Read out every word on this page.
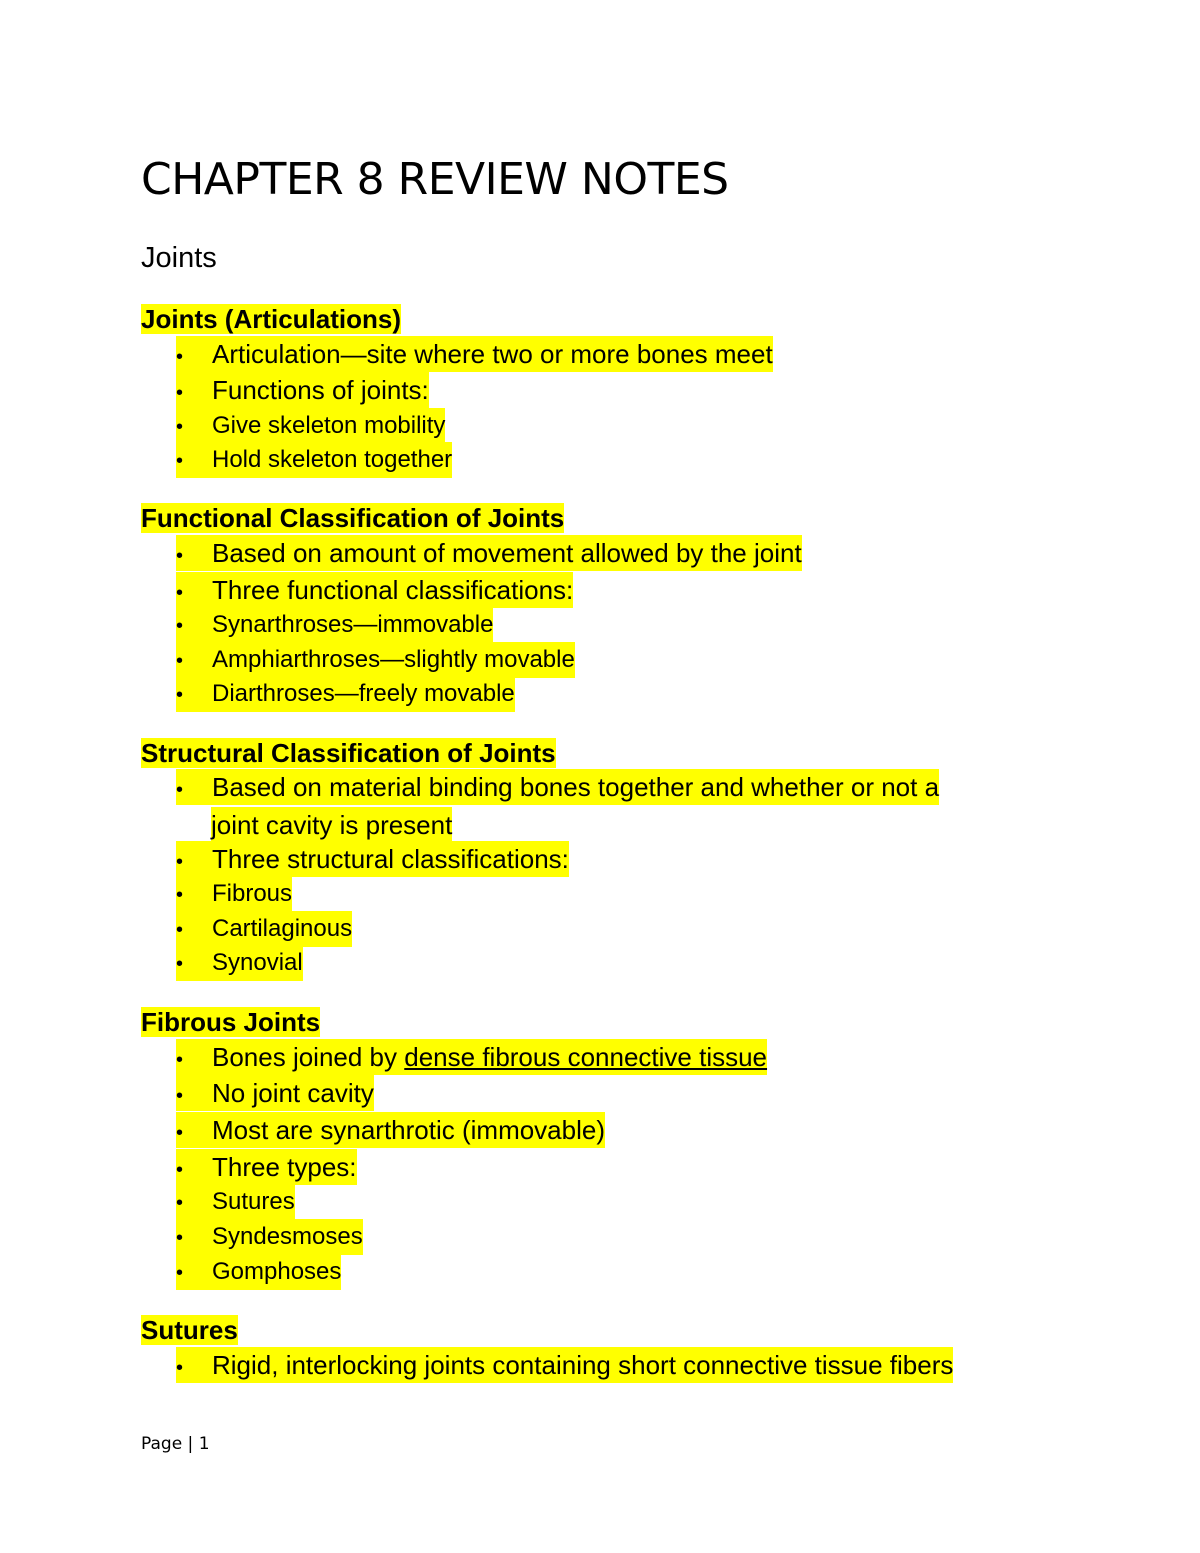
CHAPTER 8 REVIEW NOTES
Joints
Joints (Articulations)
• Articulation—site where two or more bones meet
• Functions of joints:
• Give skeleton mobility
• Hold skeleton together
Functional Classification of Joints
• Based on amount of movement allowed by the joint
• Three functional classifications:
• Synarthroses—immovable
• Amphiarthroses—slightly movable
• Diarthroses—freely movable
Structural Classification of Joints
• Based on material binding bones together and whether or not a
joint cavity is present
• Three structural classifications:
• Fibrous
• Cartilaginous
• Synovial
Fibrous Joints
• Bones joined by dense fibrous connective tissue
• No joint cavity
• Most are synarthrotic (immovable)
• Three types:
• Sutures
• Syndesmoses
• Gomphoses
Sutures
• Rigid, interlocking joints containing short connective tissue fibers
Page | 1
